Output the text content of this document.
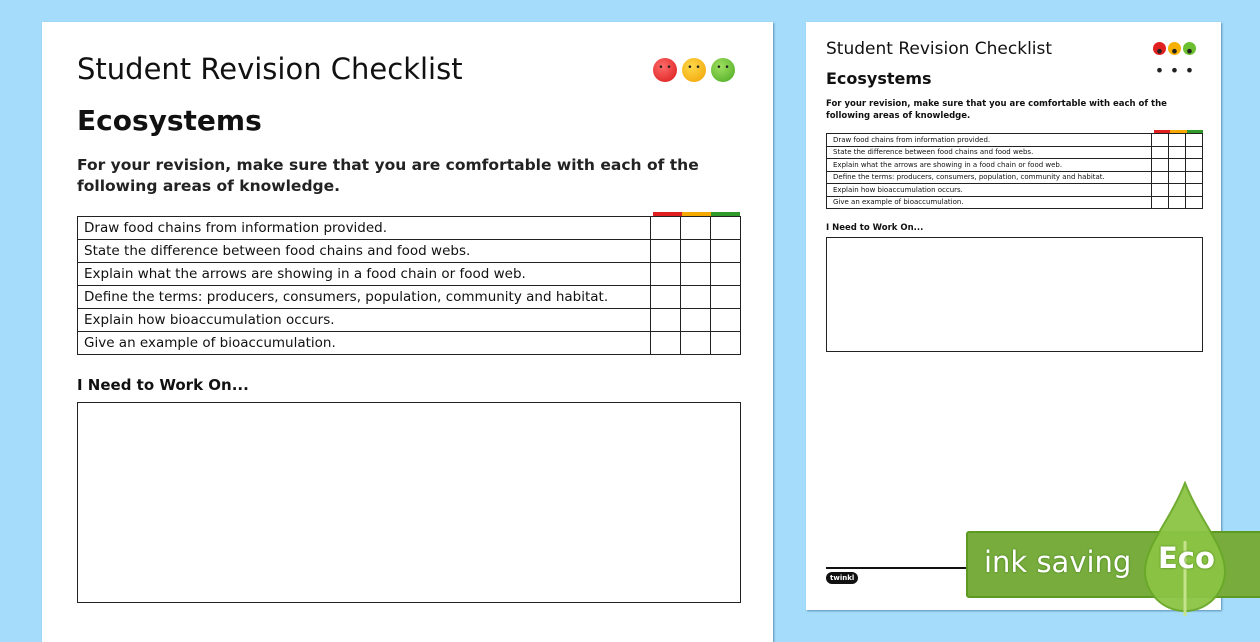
Student Revision Checklist
• •
• •
• •
Ecosystems

For your revision, make sure that you are comfortable with each of the following areas of knowledge.

Draw food chains from information provided.			
State the difference between food chains and food webs.			
Explain what the arrows are showing in a food chain or food web.			
Define the terms: producers, consumers, population, community and habitat.			
Explain how bioaccumulation occurs.			
Give an example of bioaccumulation.			
I Need to Work On...
Student Revision Checklist
• •
• •
• •
Ecosystems

For your revision, make sure that you are comfortable with each of the following areas of knowledge.

Draw food chains from information provided.			
State the difference between food chains and food webs.			
Explain what the arrows are showing in a food chain or food web.			
Define the terms: producers, consumers, population, community and habitat.			
Explain how bioaccumulation occurs.			
Give an example of bioaccumulation.			
I Need to Work On...
twinkl	ink saving Eco
